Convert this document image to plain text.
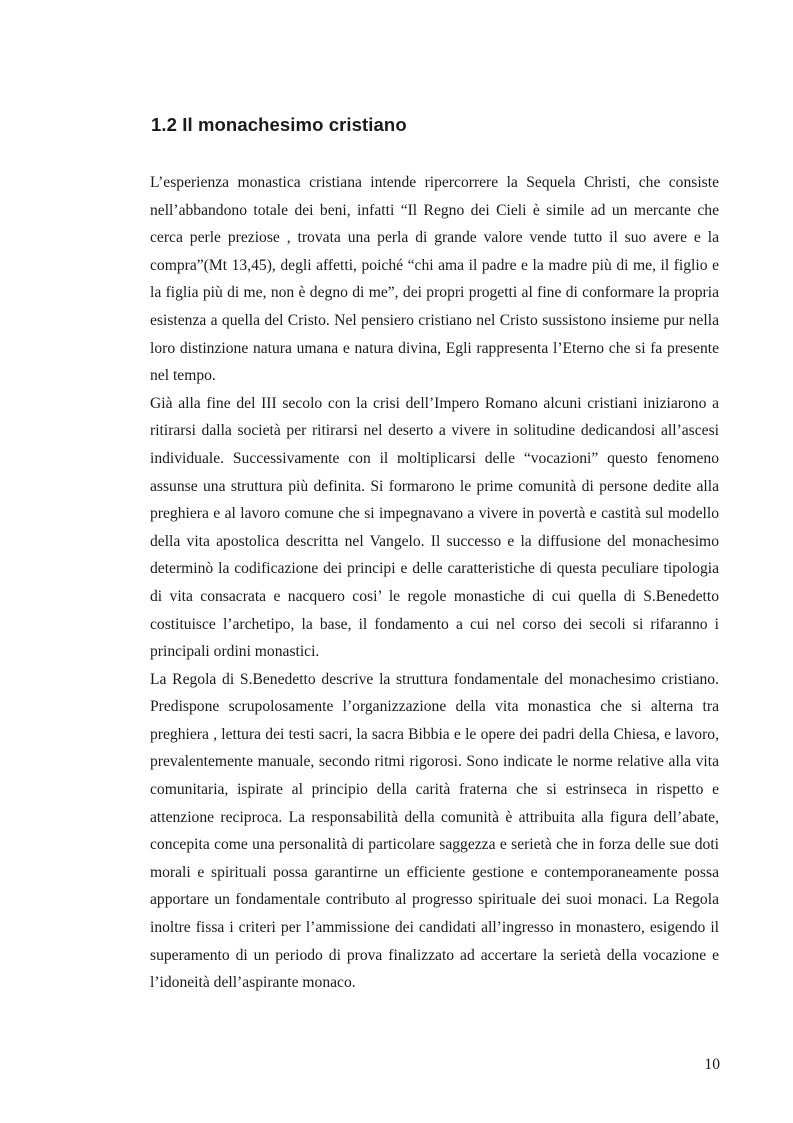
1.2 Il monachesimo cristiano

L’esperienza monastica cristiana intende ripercorrere la Sequela Christi, che consiste nell’abbandono totale dei beni, infatti “Il Regno dei Cieli è simile ad un mercante che cerca perle preziose , trovata una perla di grande valore vende tutto il suo avere e la compra”(Mt 13,45), degli affetti, poiché “chi ama il padre e la madre più di me, il figlio e la figlia più di me, non è degno di me”, dei propri progetti al fine di conformare la propria esistenza a quella del Cristo. Nel pensiero cristiano nel Cristo sussistono insieme pur nella loro distinzione natura umana e natura divina, Egli rappresenta l’Eterno che si fa presente nel tempo.

Già alla fine del III secolo con la crisi dell’Impero Romano alcuni cristiani iniziarono a ritirarsi dalla società per ritirarsi nel deserto a vivere in solitudine dedicandosi all’ascesi individuale. Successivamente con il moltiplicarsi delle “vocazioni” questo fenomeno assunse una struttura più definita. Si formarono le prime comunità di persone dedite alla preghiera e al lavoro comune che si impegnavano a vivere in povertà e castità sul modello della vita apostolica descritta nel Vangelo. Il successo e la diffusione del monachesimo determinò la codificazione dei principi e delle caratteristiche di questa peculiare tipologia di vita consacrata e nacquero cosi’ le regole monastiche di cui quella di S.Benedetto costituisce l’archetipo, la base, il fondamento a cui nel corso dei secoli si rifaranno i principali ordini monastici.

La Regola di S.Benedetto descrive la struttura fondamentale del monachesimo cristiano. Predispone scrupolosamente l’organizzazione della vita monastica che si alterna tra preghiera , lettura dei testi sacri, la sacra Bibbia e le opere dei padri della Chiesa, e lavoro, prevalentemente manuale, secondo ritmi rigorosi. Sono indicate le norme relative alla vita comunitaria, ispirate al principio della carità fraterna che si estrinseca in rispetto e attenzione reciproca. La responsabilità della comunità è attribuita alla figura dell’abate, concepita come una personalità di particolare saggezza e serietà che in forza delle sue doti morali e spirituali possa garantirne un efficiente gestione e contemporaneamente possa apportare un fondamentale contributo al progresso spirituale dei suoi monaci. La Regola inoltre fissa i criteri per l’ammissione dei candidati all’ingresso in monastero, esigendo il superamento di un periodo di prova finalizzato ad accertare la serietà della vocazione e l’idoneità dell’aspirante monaco.

10
